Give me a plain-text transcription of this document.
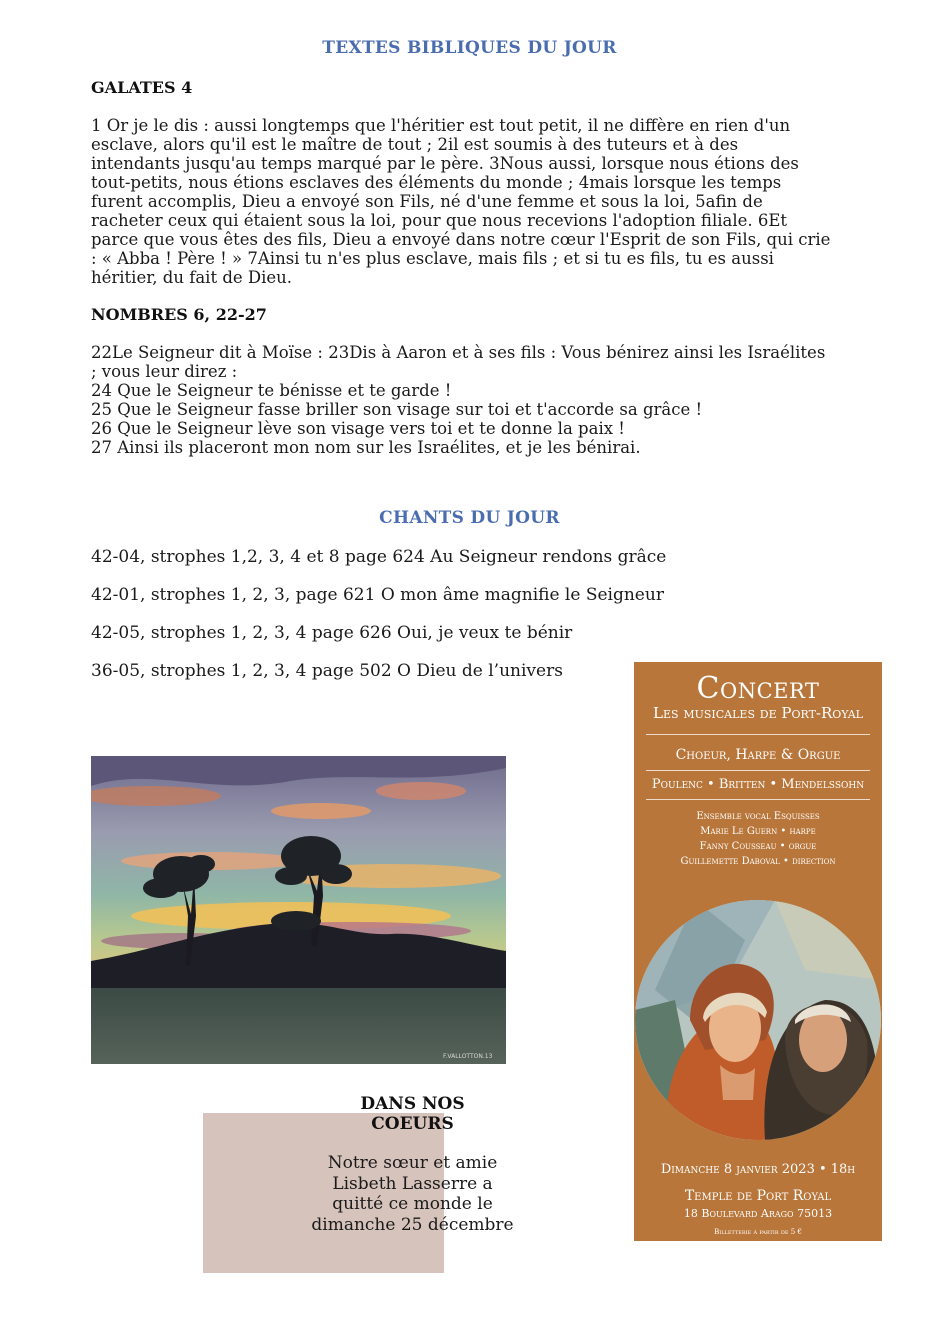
TEXTES BIBLIQUES DU JOUR
GALATES 4

1 Or je le dis : aussi longtemps que l'héritier est tout petit, il ne diffère en rien d'un esclave, alors qu'il est le maître de tout ; 2il est soumis à des tuteurs et à des intendants jusqu'au temps marqué par le père. 3Nous aussi, lorsque nous étions des tout-petits, nous étions esclaves des éléments du monde ; 4mais lorsque les temps furent accomplis, Dieu a envoyé son Fils, né d'une femme et sous la loi, 5afin de racheter ceux qui étaient sous la loi, pour que nous recevions l'adoption filiale. 6Et parce que vous êtes des fils, Dieu a envoyé dans notre cœur l'Esprit de son Fils, qui crie : « Abba ! Père ! » 7Ainsi tu n'es plus esclave, mais fils ; et si tu es fils, tu es aussi héritier, du fait de Dieu.

NOMBRES 6, 22-27

22Le Seigneur dit à Moïse : 23Dis à Aaron et à ses fils : Vous bénirez ainsi les Israélites ; vous leur direz :

24 Que le Seigneur te bénisse et te garde !

25 Que le Seigneur fasse briller son visage sur toi et t'accorde sa grâce !

26 Que le Seigneur lève son visage vers toi et te donne la paix !

27 Ainsi ils placeront mon nom sur les Israélites, et je les bénirai.

CHANTS DU JOUR

42-04, strophes 1,2, 3, 4 et 8 page 624 Au Seigneur rendons grâce

42-01, strophes 1, 2, 3, page 621 O mon âme magnifie le Seigneur

42-05, strophes 1, 2, 3, 4 page 626 Oui, je veux te bénir

36-05, strophes 1, 2, 3, 4 page 502 O Dieu de l’univers

F.VALLOTTON.13

Concert

Les musicales de Port-Royal

Choeur, Harpe & Orgue

Poulenc • Britten • Mendelssohn

Ensemble vocal Esquisses

Marie Le Guern • harpe

Fanny Cousseau • orgue

Guillemette Daboval • direction

Dimanche 8 janvier 2023 • 18h

Temple de Port Royal

18 Boulevard Arago 75013

Billetterie à partir de 5 €

DANS NOS
COEURS
Notre sœur et amie Lisbeth Lasserre a quitté ce monde le dimanche 25 décembre
